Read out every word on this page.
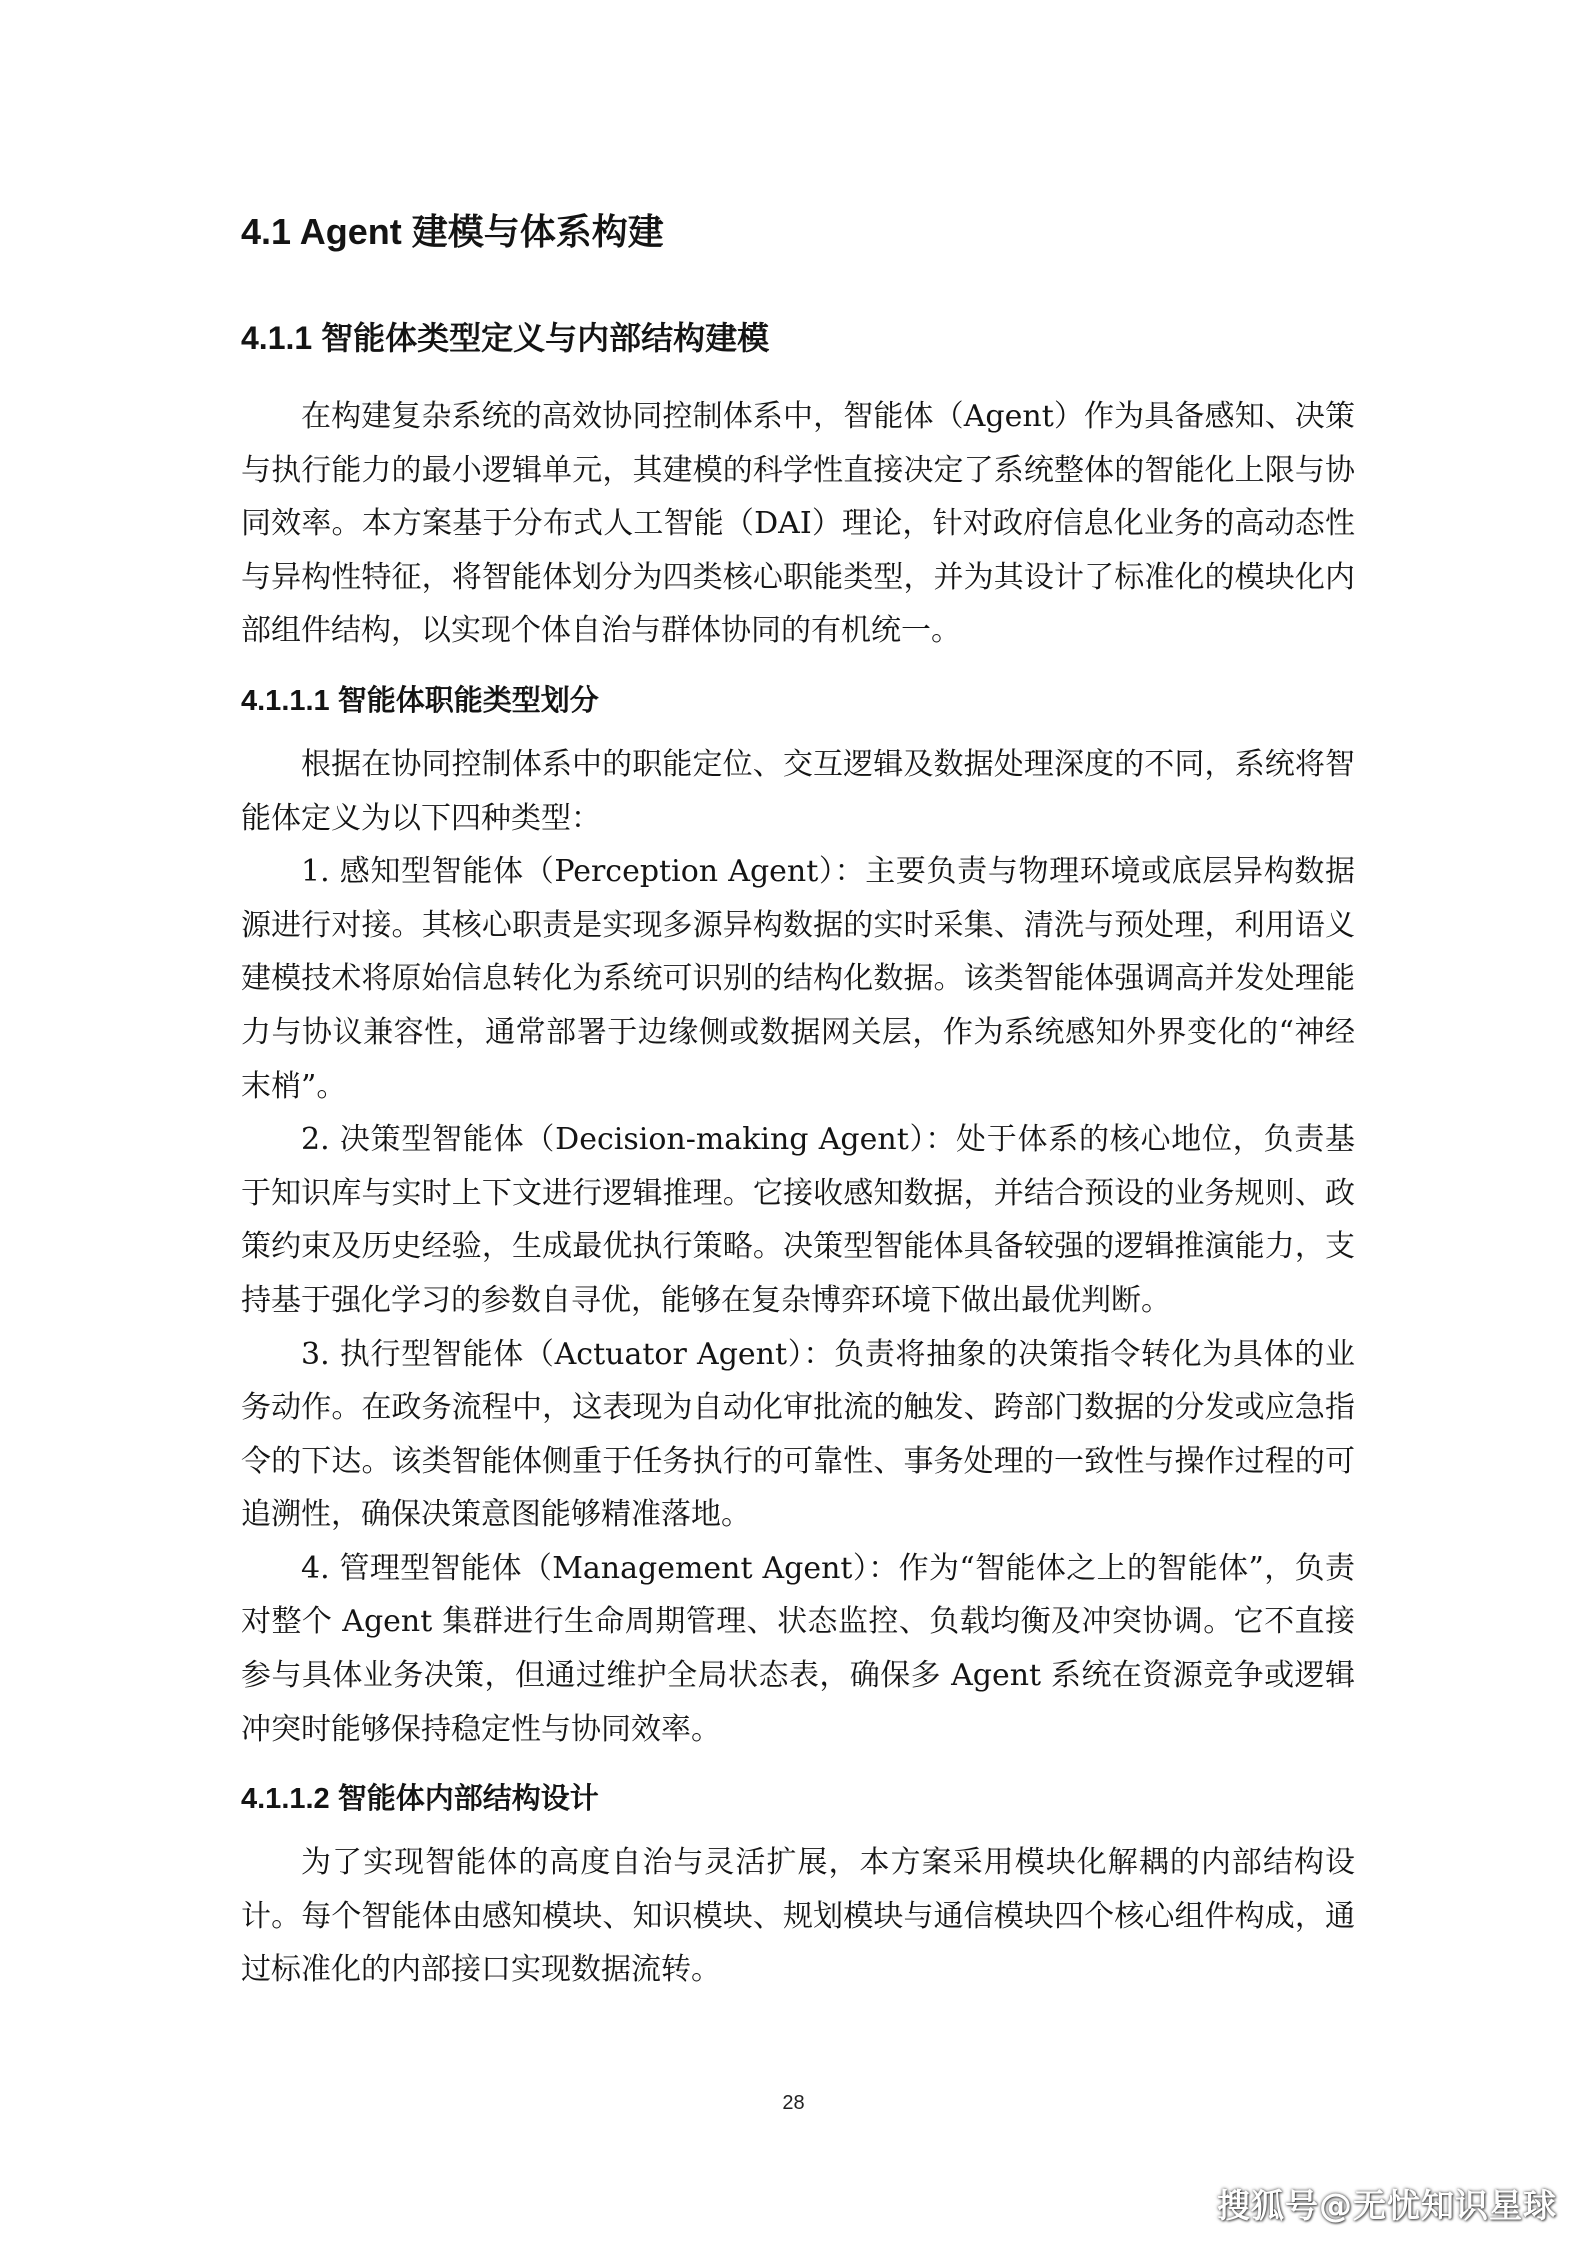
4.1 Agent 建模与体系构建
4.1.1 智能体类型定义与内部结构建模

在构建复杂系统的高效协同控制体系中，智能体（Agent）作为具备感知、决策与执行能力的最小逻辑单元，其建模的科学性直接决定了系统整体的智能化上限与协同效率。本方案基于分布式人工智能（DAI）理论，针对政府信息化业务的高动态性与异构性特征，将智能体划分为四类核心职能类型，并为其设计了标准化的模块化内部组件结构，以实现个体自治与群体协同的有机统一。

4.1.1.1 智能体职能类型划分

根据在协同控制体系中的职能定位、交互逻辑及数据处理深度的不同，系统将智能体定义为以下四种类型：

1. 感知型智能体（Perception Agent）：主要负责与物理环境或底层异构数据源进行对接。其核心职责是实现多源异构数据的实时采集、清洗与预处理，利用语义建模技术将原始信息转化为系统可识别的结构化数据。该类智能体强调高并发处理能力与协议兼容性，通常部署于边缘侧或数据网关层，作为系统感知外界变化的“神经末梢”。
2. 决策型智能体（Decision-making Agent）：处于体系的核心地位，负责基于知识库与实时上下文进行逻辑推理。它接收感知数据，并结合预设的业务规则、政策约束及历史经验，生成最优执行策略。决策型智能体具备较强的逻辑推演能力，支持基于强化学习的参数自寻优，能够在复杂博弈环境下做出最优判断。
3. 执行型智能体（Actuator Agent）：负责将抽象的决策指令转化为具体的业务动作。在政务流程中，这表现为自动化审批流的触发、跨部门数据的分发或应急指令的下达。该类智能体侧重于任务执行的可靠性、事务处理的一致性与操作过程的可追溯性，确保决策意图能够精准落地。
4. 管理型智能体（Management Agent）：作为“智能体之上的智能体”，负责对整个 Agent 集群进行生命周期管理、状态监控、负载均衡及冲突协调。它不直接参与具体业务决策，但通过维护全局状态表，确保多 Agent 系统在资源竞争或逻辑冲突时能够保持稳定性与协同效率。
4.1.1.2 智能体内部结构设计

为了实现智能体的高度自治与灵活扩展，本方案采用模块化解耦的内部结构设计。每个智能体由感知模块、知识模块、规划模块与通信模块四个核心组件构成，通过标准化的内部接口实现数据流转。

28
搜狐号@无忧知识星球
